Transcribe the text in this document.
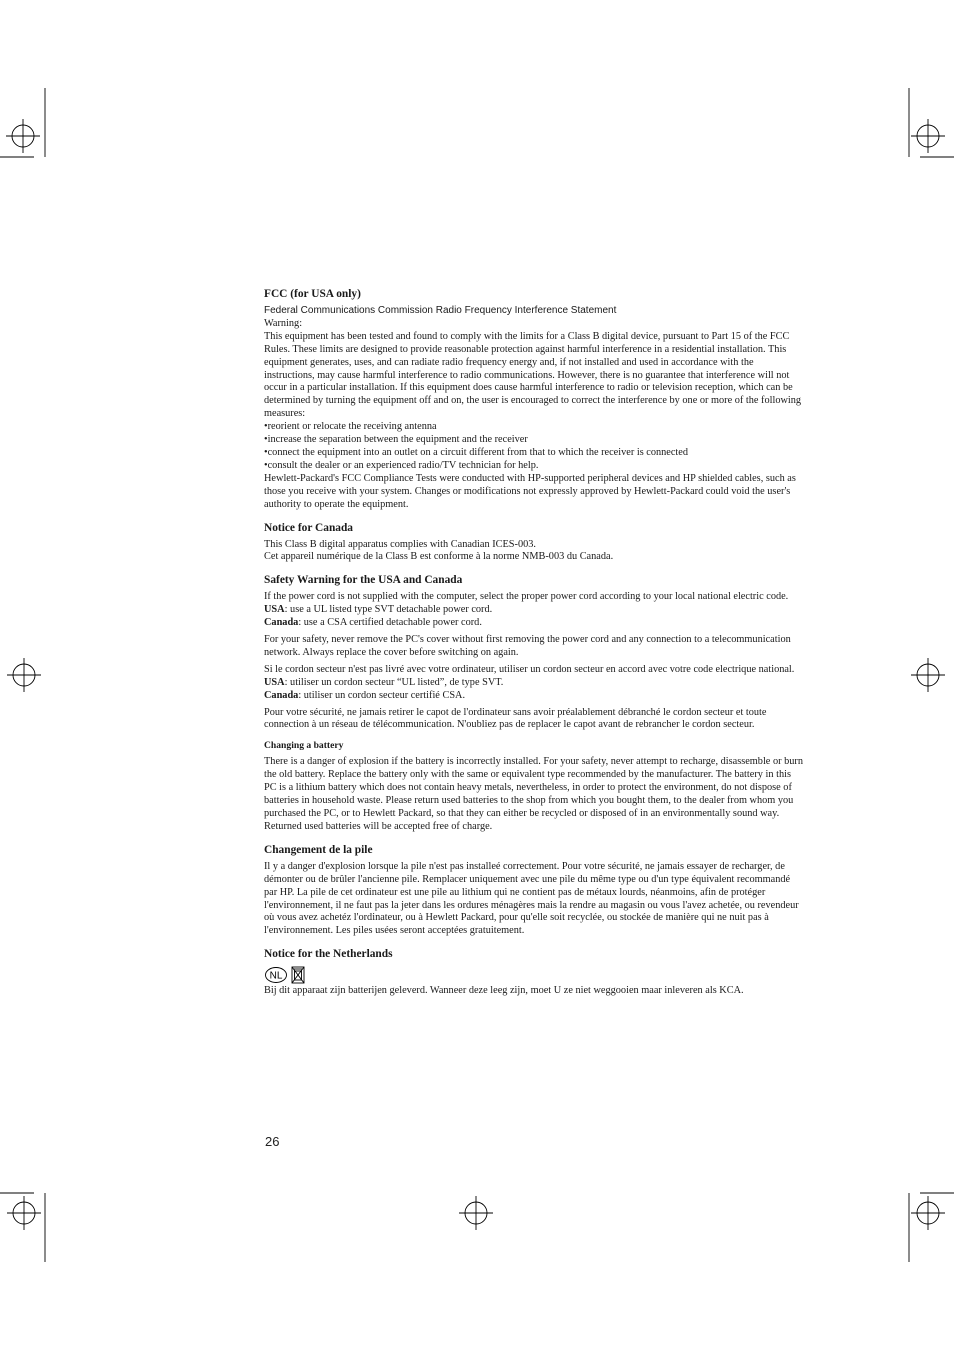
FCC (for USA only)

Federal Communications Commission Radio Frequency Interference Statement

Warning:

This equipment has been tested and found to comply with the limits for a Class B digital device, pursuant to Part 15 of the FCC Rules. These limits are designed to provide reasonable protection against harmful interference in a residential installation. This equipment generates, uses, and can radiate radio frequency energy and, if not installed and used in accordance with the instructions, may cause harmful interference to radio communications. However, there is no guarantee that interference will not occur in a particular installation. If this equipment does cause harmful interference to radio or television reception, which can be determined by turning the equipment off and on, the user is encouraged to correct the interference by one or more of the following measures:

• reorient or relocate the receiving antenna

• increase the separation between the equipment and the receiver

• connect the equipment into an outlet on a circuit different from that to which the receiver is connected

• consult the dealer or an experienced radio/TV technician for help.

Hewlett-Packard's FCC Compliance Tests were conducted with HP-supported peripheral devices and HP shielded cables, such as those you receive with your system. Changes or modifications not expressly approved by Hewlett-Packard could void the user's authority to operate the equipment.

Notice for Canada

This Class B digital apparatus complies with Canadian ICES-003.

Cet appareil numérique de la Class B est conforme à la norme NMB-003 du Canada.

Safety Warning for the USA and Canada

If the power cord is not supplied with the computer, select the proper power cord according to your local national electric code.

USA: use a UL listed type SVT detachable power cord.

Canada: use a CSA certified detachable power cord.

For your safety, never remove the PC's cover without first removing the power cord and any connection to a telecommunication network. Always replace the cover before switching on again.

Si le cordon secteur n'est pas livré avec votre ordinateur, utiliser un cordon secteur en accord avec votre code electrique national.

USA: utiliser un cordon secteur “UL listed”, de type SVT.

Canada: utiliser un cordon secteur certifié CSA.

Pour votre sécurité, ne jamais retirer le capot de l'ordinateur sans avoir préalablement débranché le cordon secteur et toute connection à un réseau de télécommunication. N'oubliez pas de replacer le capot avant de rebrancher le cordon secteur.

Changing a battery

There is a danger of explosion if the battery is incorrectly installed. For your safety, never attempt to recharge, disassemble or burn the old battery. Replace the battery only with the same or equivalent type recommended by the manufacturer. The battery in this PC is a lithium battery which does not contain heavy metals, nevertheless, in order to protect the environment, do not dispose of batteries in household waste. Please return used batteries to the shop from which you bought them, to the dealer from whom you purchased the PC, or to Hewlett Packard, so that they can either be recycled or disposed of in an environmentally sound way. Returned used batteries will be accepted free of charge.

Changement de la pile

Il y a danger d'explosion lorsque la pile n'est pas installeé correctement. Pour votre sécurité, ne jamais essayer de recharger, de démonter ou de brûler l'ancienne pile. Remplacer uniquement avec une pile du même type ou d'un type équivalent recommandé par HP. La pile de cet ordinateur est une pile au lithium qui ne contient pas de métaux lourds, néanmoins, afin de protéger l'environnement, il ne faut pas la jeter dans les ordures ménagères mais la rendre au magasin ou vous l'avez achetée, ou revendeur où vous avez achetéz l'ordinateur, ou à Hewlett Packard, pour qu'elle soit recyclée, ou stockée de manière qui ne nuit pas à l'environnement. Les piles usées seront acceptées gratuitement.

Notice for the Netherlands
NL

Bij dit apparaat zijn batterijen geleverd. Wanneer deze leeg zijn, moet U ze niet weggooien maar inleveren als KCA.

26
